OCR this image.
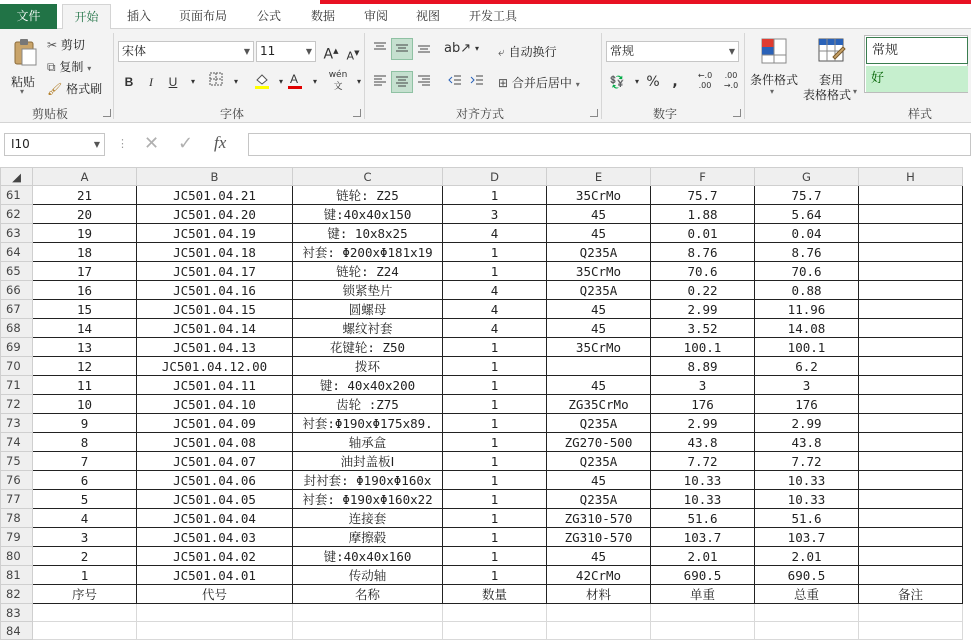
文件	开始	插入	页面布局	公式	数据	审阅	视图	开发工具
粘贴
▾
✂ 剪切
⧉ 复制 ▾
🖌 格式刷
剪贴板
宋体	▼ 11	▼ A▲ A▼
B	I	U	▾	▾	▾ A	▾
wén
文
▾
字体
ab↗ ▾	⤶ 自动换行
⊞ 合并后居中 ▾
对齐方式
常规	▼
💱	▾ % ,	←.0 .00
.00 →.0
数字
条件格式
▾
套用
表格格式 ▾
常规
好
样式
I10	▼ ⋮ ✕ ✓ fx
◢	A	B	C	D	E	F	G	H
61	21	JC501.04.21	链轮: Z25	1	35CrMo	75.7	75.7	
62	20	JC501.04.20	键:40x40x150	3	45	1.88	5.64	
63	19	JC501.04.19	键: 10x8x25	4	45	0.01	0.04	
64	18	JC501.04.18	衬套: Φ200xΦ181x19	1	Q235A	8.76	8.76	
65	17	JC501.04.17	链轮: Z24	1	35CrMo	70.6	70.6	
66	16	JC501.04.16	锁紧垫片	4	Q235A	0.22	0.88	
67	15	JC501.04.15	圆螺母	4	45	2.99	11.96	
68	14	JC501.04.14	螺纹衬套	4	45	3.52	14.08	
69	13	JC501.04.13	花键轮: Z50	1	35CrMo	100.1	100.1	
70	12	JC501.04.12.00	拨环	1		8.89	6.2	
71	11	JC501.04.11	键: 40x40x200	1	45	3	3	
72	10	JC501.04.10	齿轮 :Z75	1	ZG35CrMo	176	176	
73	9	JC501.04.09	衬套:Φ190xΦ175x89.	1	Q235A	2.99	2.99	
74	8	JC501.04.08	轴承盒	1	ZG270-500	43.8	43.8	
75	7	JC501.04.07	油封盖板Ⅰ	1	Q235A	7.72	7.72	
76	6	JC501.04.06	封衬套: Φ190xΦ160x	1	45	10.33	10.33	
77	5	JC501.04.05	衬套: Φ190xΦ160x22	1	Q235A	10.33	10.33	
78	4	JC501.04.04	连接套	1	ZG310-570	51.6	51.6	
79	3	JC501.04.03	摩擦毂	1	ZG310-570	103.7	103.7	
80	2	JC501.04.02	键:40x40x160	1	45	2.01	2.01	
81	1	JC501.04.01	传动轴	1	42CrMo	690.5	690.5	
82	序号	代号	名称	数量	材料	单重	总重	备注
83								
84								
